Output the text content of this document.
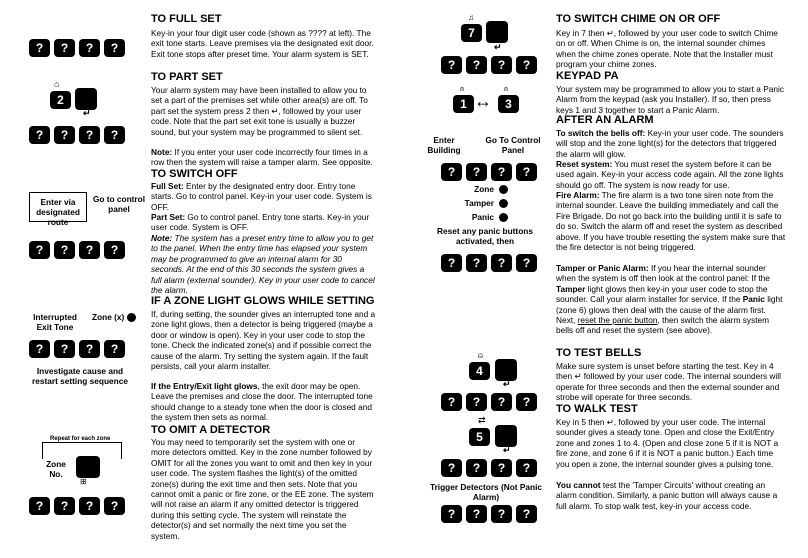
?	?	?	?
⌂
2
↵
?	?	?	?
Enter via designated route
Go to control panel
?	?	?	?
Interrupted Exit Tone
Zone (x)
?	?	?	?
Investigate cause and restart setting sequence
Repeat for each zone
Zone No.
⊞
?	?	?	?
TO FULL SET

Key-in your four digit user code (shown as ???? at left). The exit tone starts. Leave premises via the designated exit door. Exit tone stops after preset time. Your alarm system is SET.

TO PART SET

Your alarm system may have been installed to allow you to set a part of the premises set while other area(s) are off. To part set the system press 2 then ↵, followed by your user code. Note that the part set exit tone is usually a buzzer sound, but your system may be programmed to silent set.

Note: If you enter your user code incorrectly four times in a row then the system will raise a tamper alarm. See opposite.

TO SWITCH OFF

Full Set: Enter by the designated entry door. Entry tone starts. Go to control panel. Key-in your user code. System is OFF.

Part Set: Go to control panel. Entry tone starts. Key-in your user code. System is OFF.

Note: The system has a preset entry time to allow you to get to the panel. When the entry time has elapsed your system may be programmed to give an internal alarm for 30 seconds. At the end of this 30 seconds the system gives a full alarm (external sounder). Key in your user code to cancel the alarm.

IF A ZONE LIGHT GLOWS WHILE SETTING

If, during setting, the sounder gives an interrupted tone and a zone light glows, then a detector is being triggered (maybe a door or window is open). Key in your user code to stop the tone. Check the indicated zone(s) and if possible correct the cause of the alarm. Try setting the system again. If the fault persists, call your alarm installer.

If the Entry/Exit light glows, the exit door may be open. Leave the premises and close the door. The interrupted tone should change to a steady tone when the door is closed and the system then sets as normal.

TO OMIT A DETECTOR

You may need to temporarily set the system with one or more detectors omitted. Key in the zone number followed by OMIT for all the zones you want to omit and then key in your user code. The system flashes the light(s) of the omitted zone(s) during the exit time and then sets. Note that you cannot omit a panic or fire zone, or the EE zone. The system will not raise an alarm if any omitted detector is triggered during this setting cycle. The system will reinstate the detector(s) and set normally the next time you set the system.

♫
7
↵
?	?	?	?
⍝	⍝
1 ↔	3
Enter Building
Go To Control Panel
?	?	?	?
Zone
Tamper
Panic
Reset any panic buttons activated, then
?	?	?	?
⍝
4
↵
?	?	?	?
⇄
5
↵
?	?	?	?
Trigger Detectors (Not Panic Alarm)
?	?	?	?
TO SWITCH CHIME ON OR OFF

Key in 7 then ↵, followed by your user code to switch Chime on or off. When Chime is on, the internal sounder chimes when the chime zones operate. Note that the Installer must program your chime zones.

KEYPAD PA

Your system may be programmed to allow you to start a Panic Alarm from the keypad (ask you Installer). If so, then press keys 1 and 3 together to start a Panic Alarm.

AFTER AN ALARM

To switch the bells off: Key-in your user code. The sounders will stop and the zone light(s) for the detectors that triggered the alarm will glow.

Reset system: You must reset the system before it can be used again. Key-in your access code again. All the zone lights should go off. The system is now ready for use.

Fire Alarm: The fire alarm is a two tone siren note from the internal sounder. Leave the building immediately and call the Fire Brigade. Do not go back into the building until it is safe to do so. Switch the alarm off and reset the system as described above. If you have trouble resetting the system make sure that the fire detector is not being triggered.

Tamper or Panic Alarm: If you hear the internal sounder when the system is off then look at the control panel: If the Tamper light glows then key-in your user code to stop the sounder. Call your alarm installer for service. If the Panic light (zone 6) glows then deal with the cause of the alarm first. Next, reset the panic button, then switch the alarm system bells off and reset the system (see above).

TO TEST BELLS

Make sure system is unset before starting the test. Key in 4 then ↵ followed by your user code. The internal sounders will operate for three seconds and then the external sounder and strobe will operate for three seconds.

TO WALK TEST

Key in 5 then ↵, followed by your user code. The internal sounder gives a steady tone. Open and close the Exit/Entry zone and zones 1 to 4. (Open and close zone 5 if it is NOT a fire zone, and zone 6 if it is NOT a panic button.) Each time you open a zone, the internal sounder gives a pulsing tone.

You cannot test the 'Tamper Circuits' without creating an alarm condition. Similarly, a panic button will always cause a full alarm. To stop walk test, key-in your access code.
